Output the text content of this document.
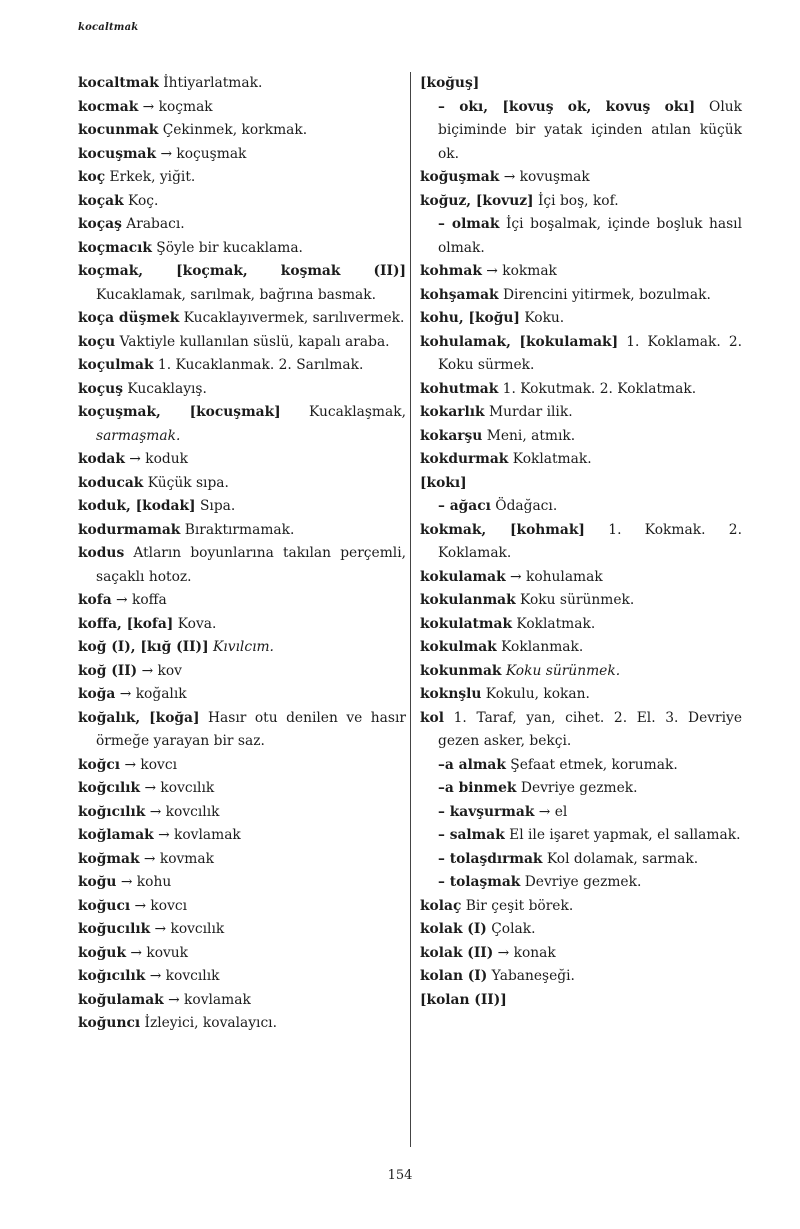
kocaltmak

kocaltmak İhtiyarlatmak.

kocmak → koçmak

kocunmak Çekinmek, korkmak.

kocuşmak → koçuşmak

koç Erkek, yiğit.

koçak Koç.

koçaş Arabacı.

koçmacık Şöyle bir kucaklama.

koçmak, [koçmak, koşmak (II)] Kucaklamak, sarılmak, bağrına basmak.

koça düşmek Kucaklayıvermek, sarılıvermek.

koçu Vaktiyle kullanılan süslü, kapalı araba.

koçulmak 1. Kucaklanmak. 2. Sarılmak.

koçuş Kucaklayış.

koçuşmak, [kocuşmak] Kucaklaşmak, sarmaşmak.

kodak → koduk

koducak Küçük sıpa.

koduk, [kodak] Sıpa.

kodurmamak Bıraktırmamak.

kodus Atların boyunlarına takılan perçemli, saçaklı hotoz.

kofa → koffa

koffa, [kofa] Kova.

koğ (I), [kığ (II)] Kıvılcım.

koğ (II) → kov

koğa → koğalık

koğalık, [koğa] Hasır otu denilen ve hasır örmeğe yarayan bir saz.

koğcı → kovcı

koğcılık → kovcılık

koğıcılık → kovcılık

koğlamak → kovlamak

koğmak → kovmak

koğu → kohu

koğucı → kovcı

koğucılık → kovcılık

koğuk → kovuk

koğıcılık → kovcılık

koğulamak → kovlamak

koğuncı İzleyici, kovalayıcı.

[koğuş]

– okı, [kovuş ok, kovuş okı] Oluk biçiminde bir yatak içinden atılan küçük ok.

koğuşmak → kovuşmak

koğuz, [kovuz] İçi boş, kof.

– olmak İçi boşalmak, içinde boşluk hasıl olmak.

kohmak → kokmak

kohşamak Direncini yitirmek, bozulmak.

kohu, [koğu] Koku.

kohulamak, [kokulamak] 1. Koklamak. 2. Koku sürmek.

kohutmak 1. Kokutmak. 2. Koklatmak.

kokarlık Murdar ilik.

kokarşu Meni, atmık.

kokdurmak Koklatmak.

[kokı]

– ağacı Ödağacı.

kokmak, [kohmak] 1. Kokmak. 2. Koklamak.

kokulamak → kohulamak

kokulanmak Koku sürünmek.

kokulatmak Koklatmak.

kokulmak Koklanmak.

kokunmak Koku sürünmek.

koknşlu Kokulu, kokan.

kol 1. Taraf, yan, cihet. 2. El. 3. Devriye gezen asker, bekçi.

–a almak Şefaat etmek, korumak.

–a binmek Devriye gezmek.

– kavşurmak → el

– salmak El ile işaret yapmak, el sallamak.

– tolaşdırmak Kol dolamak, sarmak.

– tolaşmak Devriye gezmek.

kolaç Bir çeşit börek.

kolak (I) Çolak.

kolak (II) → konak

kolan (I) Yabaneşeği.

[kolan (II)]

154
